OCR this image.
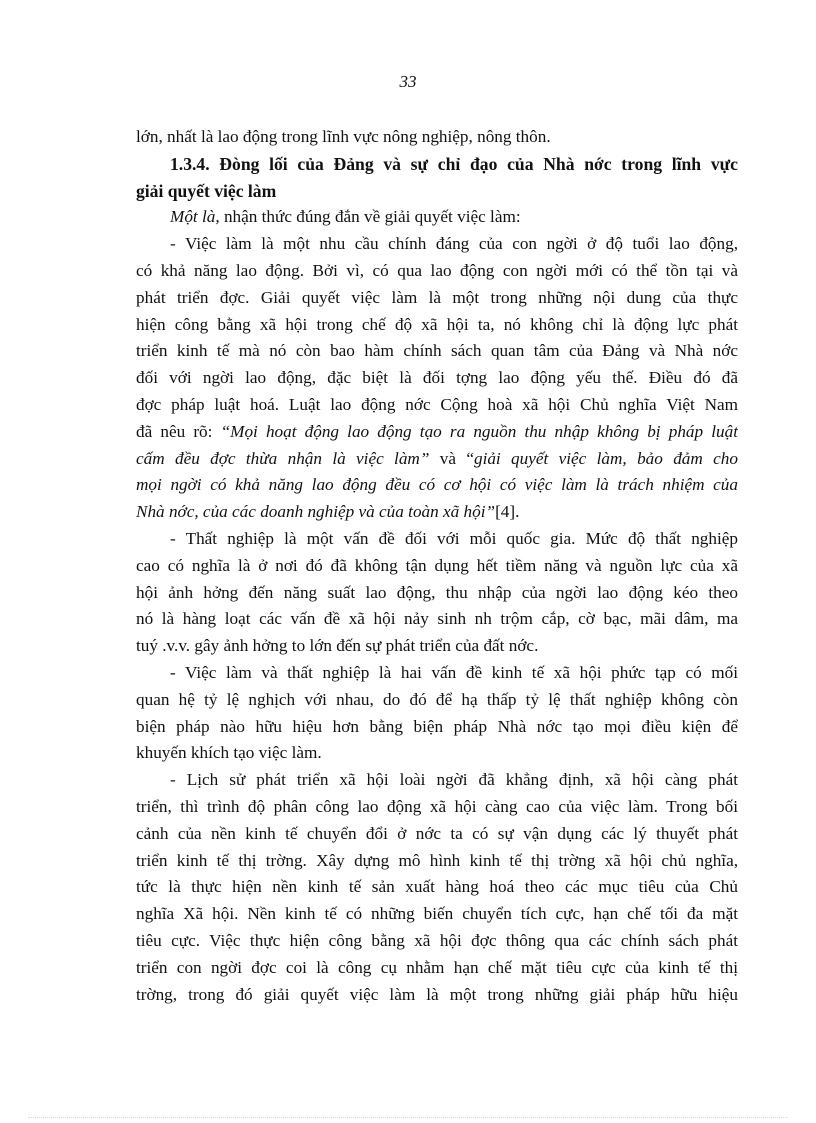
33
lớn, nhất là lao động trong lĩnh vực nông nghiệp, nông thôn.
1.3.4. Đòng lối của Đảng và sự chỉ đạo của Nhà nớc trong lĩnh vực
giải quyết việc làm
Một là, nhận thức đúng đắn về giải quyết việc làm:
- Việc làm là một nhu cầu chính đáng của con ngời ở độ tuổi lao động,
có khả năng lao động. Bởi vì, có qua lao động con ngời mới có thể tồn tại và
phát triển đợc. Giải quyết việc làm là một trong những nội dung của thực
hiện công bằng xã hội trong chế độ xã hội ta, nó không chỉ là động lực phát
triển kinh tế mà nó còn bao hàm chính sách quan tâm của Đảng và Nhà nớc
đối với ngời lao động, đặc biệt là đối tợng lao động yếu thế. Điều đó đã
đợc pháp luật hoá. Luật lao động nớc Cộng hoà xã hội Chủ nghĩa Việt Nam
đã nêu rõ: “Mọi hoạt động lao động tạo ra nguồn thu nhập không bị pháp luật
cấm đều đợc thừa nhận là việc làm” và “giải quyết việc làm, bảo đảm cho
mọi ngời có khả năng lao động đều có cơ hội có việc làm là trách nhiệm của
Nhà nớc, của các doanh nghiệp và của toàn xã hội”[4].
- Thất nghiệp là một vấn đề đối với mỗi quốc gia. Mức độ thất nghiệp
cao có nghĩa là ở nơi đó đã không tận dụng hết tiềm năng và nguồn lực của xã
hội ảnh hởng đến năng suất lao động, thu nhập của ngời lao động kéo theo
nó là hàng loạt các vấn đề xã hội nảy sinh nh trộm cắp, cờ bạc, mãi dâm, ma
tuý .v.v. gây ảnh hởng to lớn đến sự phát triển của đất nớc.
- Việc làm và thất nghiệp là hai vấn đề kinh tế xã hội phức tạp có mối
quan hệ tỷ lệ nghịch với nhau, do đó để hạ thấp tỷ lệ thất nghiệp không còn
biện pháp nào hữu hiệu hơn bằng biện pháp Nhà nớc tạo mọi điều kiện để
khuyến khích tạo việc làm.
- Lịch sử phát triển xã hội loài ngời đã khẳng định, xã hội càng phát
triển, thì trình độ phân công lao động xã hội càng cao của việc làm. Trong bối
cảnh của nền kinh tế chuyển đổi ở nớc ta có sự vận dụng các lý thuyết phát
triển kinh tế thị trờng. Xây dựng mô hình kinh tế thị trờng xã hội chủ nghĩa,
tức là thực hiện nền kinh tế sản xuất hàng hoá theo các mục tiêu của Chủ
nghĩa Xã hội. Nền kinh tế có những biến chuyển tích cực, hạn chế tối đa mặt
tiêu cực. Việc thực hiện công bằng xã hội đợc thông qua các chính sách phát
triển con ngời đợc coi là công cụ nhằm hạn chế mặt tiêu cực của kinh tế thị
trờng, trong đó giải quyết việc làm là một trong những giải pháp hữu hiệu
